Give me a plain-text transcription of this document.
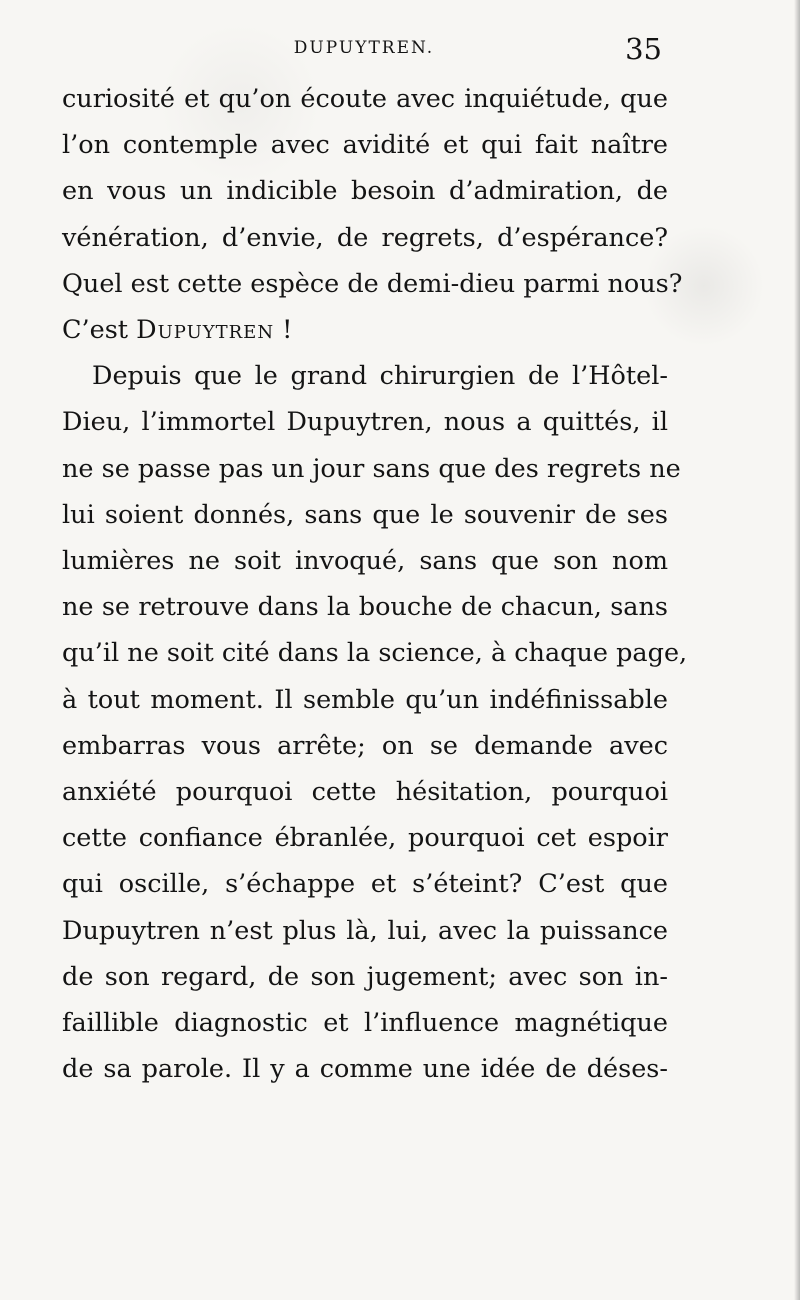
DUPUYTREN.	35
curiosité et qu’on écoute avec inquiétude, que
l’on contemple avec avidité et qui fait naître
en vous un indicible besoin d’admiration, de
vénération, d’envie, de regrets, d’espérance?
Quel est cette espèce de demi-dieu parmi nous?
C’est Dupuytren !
Depuis que le grand chirurgien de l’Hôtel-
Dieu, l’immortel Dupuytren, nous a quittés, il
ne se passe pas un jour sans que des regrets ne
lui soient donnés, sans que le souvenir de ses
lumières ne soit invoqué, sans que son nom
ne se retrouve dans la bouche de chacun, sans
qu’il ne soit cité dans la science, à chaque page,
à tout moment. Il semble qu’un indéfinissable
embarras vous arrête; on se demande avec
anxiété pourquoi cette hésitation, pourquoi
cette confiance ébranlée, pourquoi cet espoir
qui oscille, s’échappe et s’éteint? C’est que
Dupuytren n’est plus là, lui, avec la puissance
de son regard, de son jugement; avec son in-
faillible diagnostic et l’influence magnétique
de sa parole. Il y a comme une idée de déses-
